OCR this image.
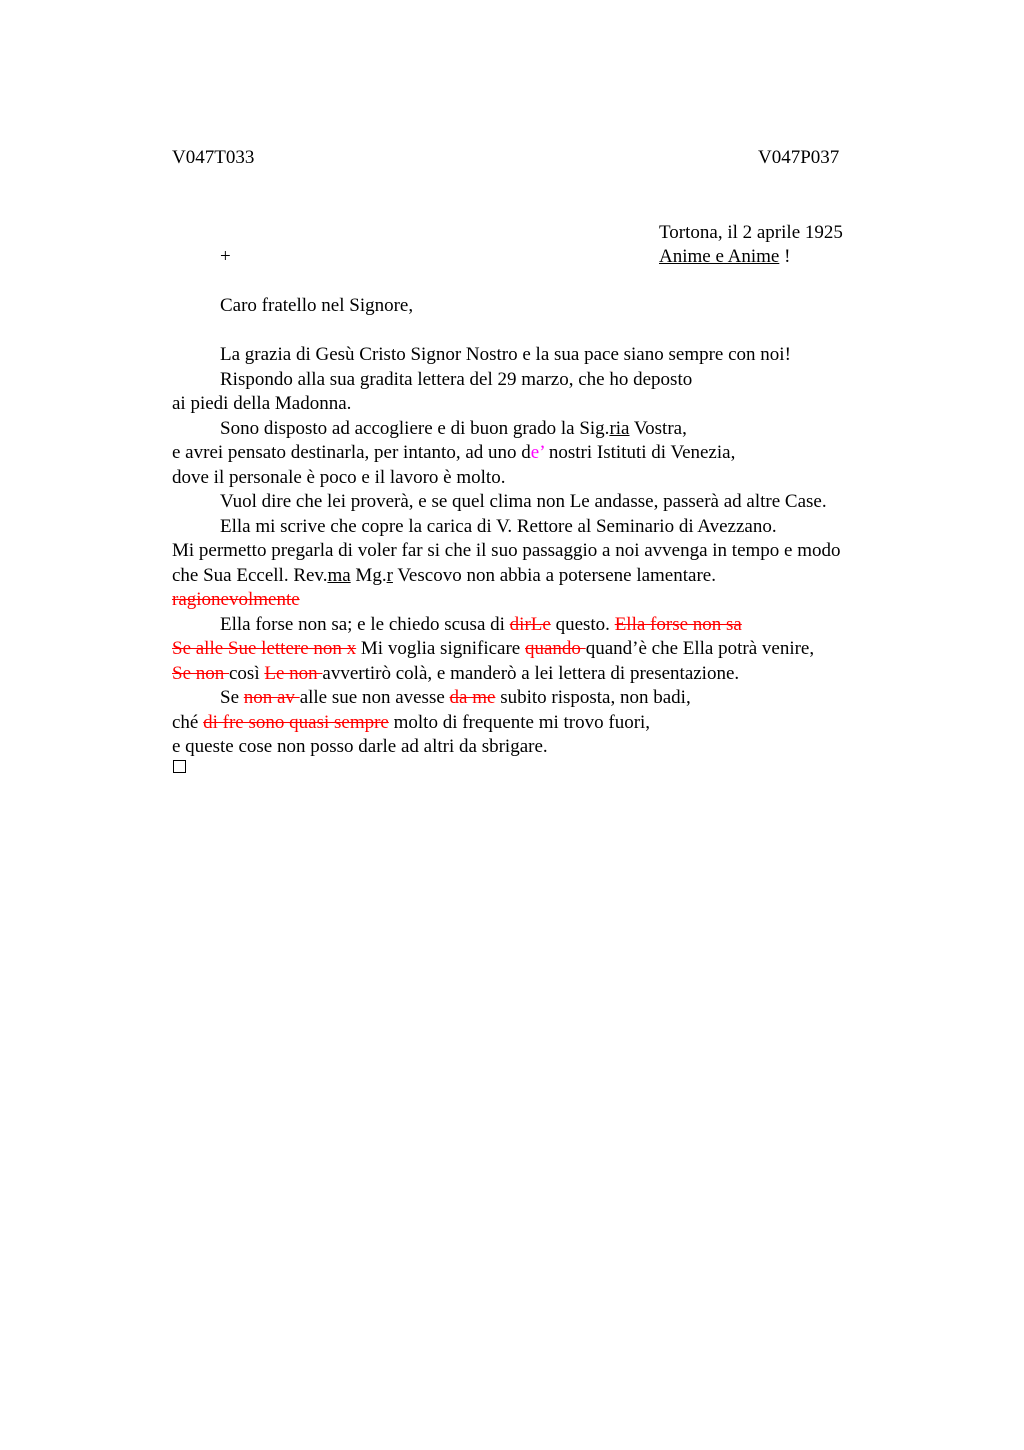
V047T033	V047P037
Tortona, il 2 aprile 1925
+	Anime e Anime !
Caro fratello nel Signore,
La grazia di Gesù Cristo Signor Nostro e la sua pace siano sempre con noi!
Rispondo alla sua gradita lettera del 29 marzo, che ho deposto
ai piedi della Madonna.
Sono disposto ad accogliere e di buon grado la Sig.ria Vostra,
e avrei pensato destinarla, per intanto, ad uno de’ nostri Istituti di Venezia,
dove il personale è poco e il lavoro è molto.
Vuol dire che lei proverà, e se quel clima non Le andasse, passerà ad altre Case.
Ella mi scrive che copre la carica di V. Rettore al Seminario di Avezzano.
Mi permetto pregarla di voler far si che il suo passaggio a noi avvenga in tempo e modo
che Sua Eccell. Rev.ma Mg.r Vescovo non abbia a potersene lamentare.
ragionevolmente
Ella forse non sa; e le chiedo scusa di dirLe questo. Ella forse non sa
Se alle Sue lettere non x Mi voglia significare quando quand’è che Ella potrà venire,
Se non così Le non avvertirò colà, e manderò a lei lettera di presentazione.
Se non av alle sue non avesse da me subito risposta, non badi,
ché di fre sono quasi sempre molto di frequente mi trovo fuori,
e queste cose non posso darle ad altri da sbrigare.
